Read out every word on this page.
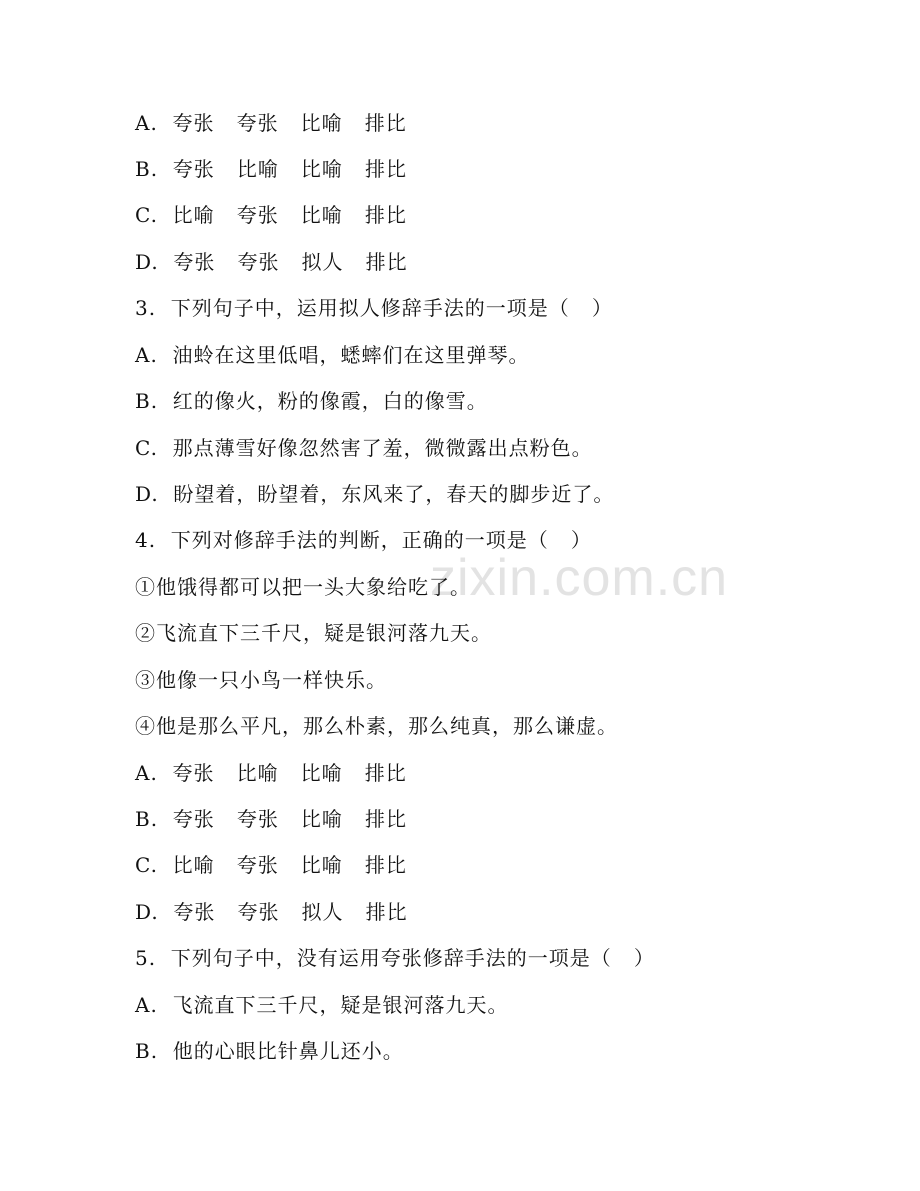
zixin.com.cn
A.  夸张   夸张   比喻   排比
B.  夸张   比喻   比喻   排比
C.  比喻   夸张   比喻   排比
D.  夸张   夸张   拟人   排比
3.  下列句子中，运用拟人修辞手法的一项是（   ）
A.  油蛉在这里低唱，蟋蟀们在这里弹琴。
B.  红的像火，粉的像霞，白的像雪。
C.  那点薄雪好像忽然害了羞，微微露出点粉色。
D.  盼望着，盼望着，东风来了，春天的脚步近了。
4.  下列对修辞手法的判断，正确的一项是（   ）
①他饿得都可以把一头大象给吃了。
②飞流直下三千尺，疑是银河落九天。
③他像一只小鸟一样快乐。
④他是那么平凡，那么朴素，那么纯真，那么谦虚。
A.  夸张   比喻   比喻   排比
B.  夸张   夸张   比喻   排比
C.  比喻   夸张   比喻   排比
D.  夸张   夸张   拟人   排比
5.  下列句子中，没有运用夸张修辞手法的一项是（   ）
A.  飞流直下三千尺，疑是银河落九天。
B.  他的心眼比针鼻儿还小。
